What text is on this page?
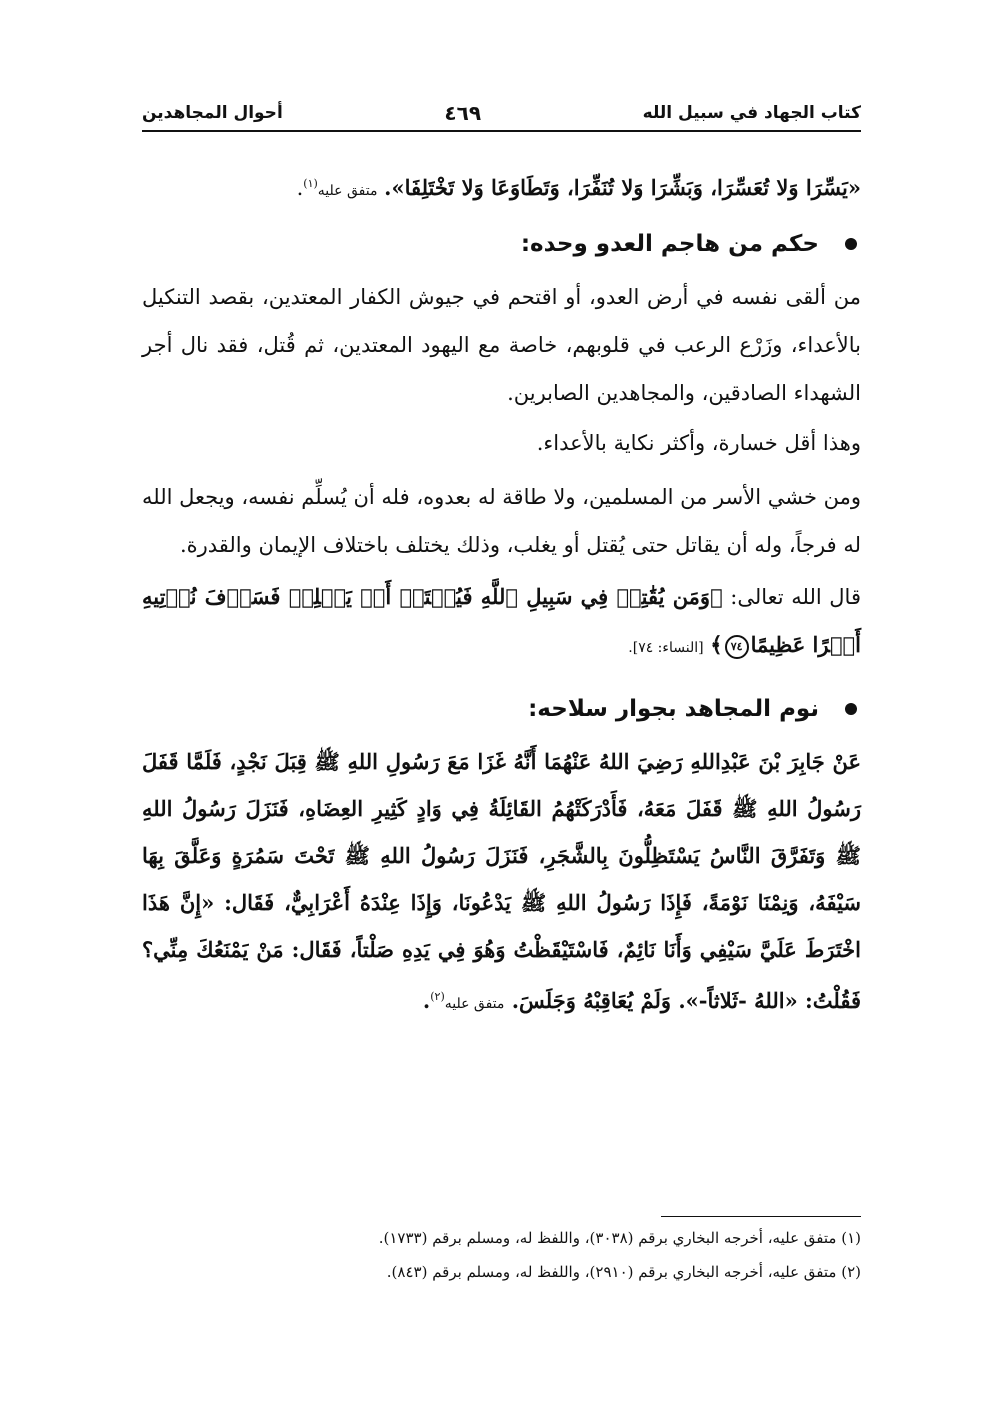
كتاب الجهاد في سبيل الله
٤٦٩
أحوال المجاهدين

«يَسِّرَا وَلا تُعَسِّرَا، وَبَشِّرَا وَلا تُنَفِّرَا، وَتَطَاوَعَا وَلا تَخْتَلِفَا». متفق عليه$^{(١)}$.

حكم من هاجم العدو وحده:

من ألقى نفسه في أرض العدو، أو اقتحم في جيوش الكفار المعتدين، بقصد التنكيل بالأعداء، وزَرْع الرعب في قلوبهم، خاصة مع اليهود المعتدين، ثم قُتل، فقد نال أجر الشهداء الصادقين، والمجاهدين الصابرين.

وهذا أقل خسارة، وأكثر نكاية بالأعداء.

ومن خشي الأسر من المسلمين، ولا طاقة له بعدوه، فله أن يُسلِّم نفسه، ويجعل الله له فرجاً، وله أن يقاتل حتى يُقتل أو يغلب، وذلك يختلف باختلاف الإيمان والقدرة.

قال الله تعالى: ﴿وَمَن يُقَٰتِلۡ فِي سَبِيلِ ٱللَّهِ فَيُقۡتَلۡ أَوۡ يَغۡلِبۡ فَسَوۡفَ نُؤۡتِيهِ أَجۡرًا عَظِيمًا٧٤﴾ [النساء: ٧٤].

نوم المجاهد بجوار سلاحه:

عَنْ جَابِرَ بْنَ عَبْدِاللهِ رَضِيَ اللهُ عَنْهُمَا أَنَّهُ غَزَا مَعَ رَسُولِ اللهِ ﷺ قِبَلَ نَجْدٍ، فَلَمَّا قَفَلَ رَسُولُ اللهِ ﷺ قَفَلَ مَعَهُ، فَأَدْرَكَتْهُمُ القَائِلَةُ فِي وَادٍ كَثِيرِ العِضَاهِ، فَنَزَلَ رَسُولُ اللهِ ﷺ وَتَفَرَّقَ النَّاسُ يَسْتَظِلُّونَ بِالشَّجَرِ، فَنَزَلَ رَسُولُ اللهِ ﷺ تَحْتَ سَمُرَةٍ وَعَلَّقَ بِهَا سَيْفَهُ، وَنِمْنَا نَوْمَةً، فَإِذَا رَسُولُ اللهِ ﷺ يَدْعُونَا، وَإِذَا عِنْدَهُ أَعْرَابِيٌّ، فَقَال: «إِنَّ هَذَا اخْتَرَطَ عَلَيَّ سَيْفِي وَأَنَا نَائِمٌ، فَاسْتَيْقَظْتُ وَهُوَ فِي يَدِهِ صَلْتاً، فَقَال: مَنْ يَمْنَعُكَ مِنِّي؟ فَقُلْتُ: «اللهُ -ثَلاثاً-». وَلَمْ يُعَاقِبْهُ وَجَلَسَ. متفق عليه$^{(٢)}$.

(١) متفق عليه، أخرجه البخاري برقم (٣٠٣٨)، واللفظ له، ومسلم برقم (١٧٣٣).

(٢) متفق عليه، أخرجه البخاري برقم (٢٩١٠)، واللفظ له، ومسلم برقم (٨٤٣).
